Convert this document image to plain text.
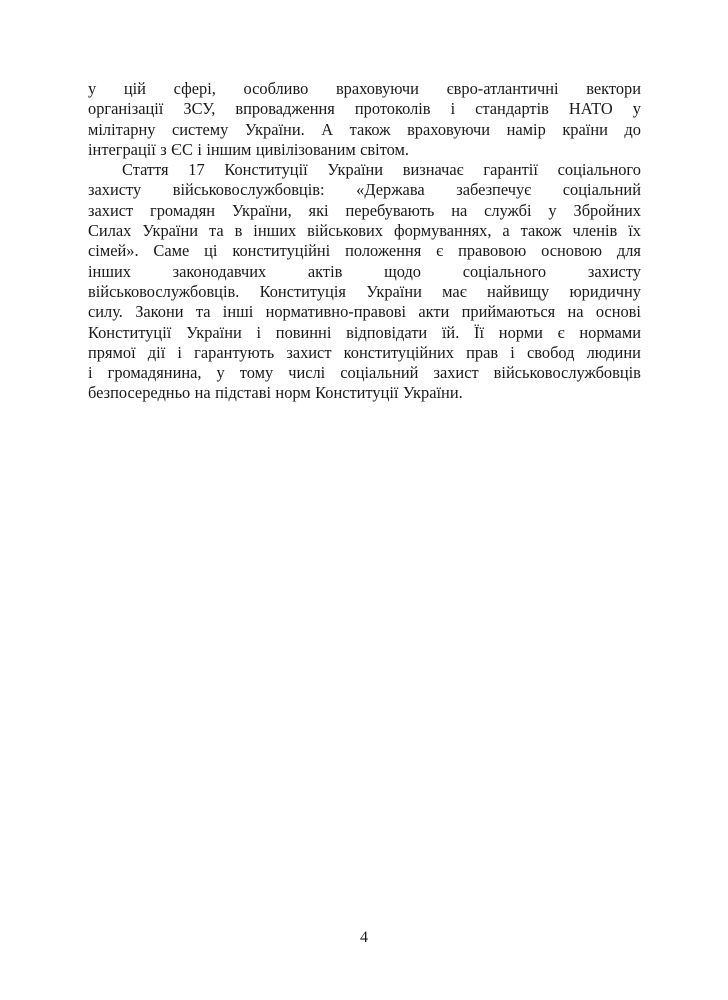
у цій сфері, особливо враховуючи євро-атлантичні вектори
організації ЗСУ, впровадження протоколів і стандартів НАТО у
мілітарну систему України. А також враховуючи намір країни до
інтеграції з ЄС і іншим цивілізованим світом.
Стаття 17 Конституції України визначає гарантії соціального
захисту військовослужбовців: «Держава забезпечує соціальний
захист громадян України, які перебувають на службі у Збройних
Силах України та в інших військових формуваннях, а також членів їх
сімей». Саме ці конституційні положення є правовою основою для
інших	законодавчих	актів	щодо	соціального	захисту
військовослужбовців. Конституція України має найвищу юридичну
силу. Закони та інші нормативно-правові акти приймаються на основі
Конституції України і повинні відповідати їй. Її норми є нормами
прямої дії і гарантують захист конституційних прав і свобод людини
і громадянина, у тому числі соціальний захист військовослужбовців
безпосередньо на підставі норм Конституції України.
4
